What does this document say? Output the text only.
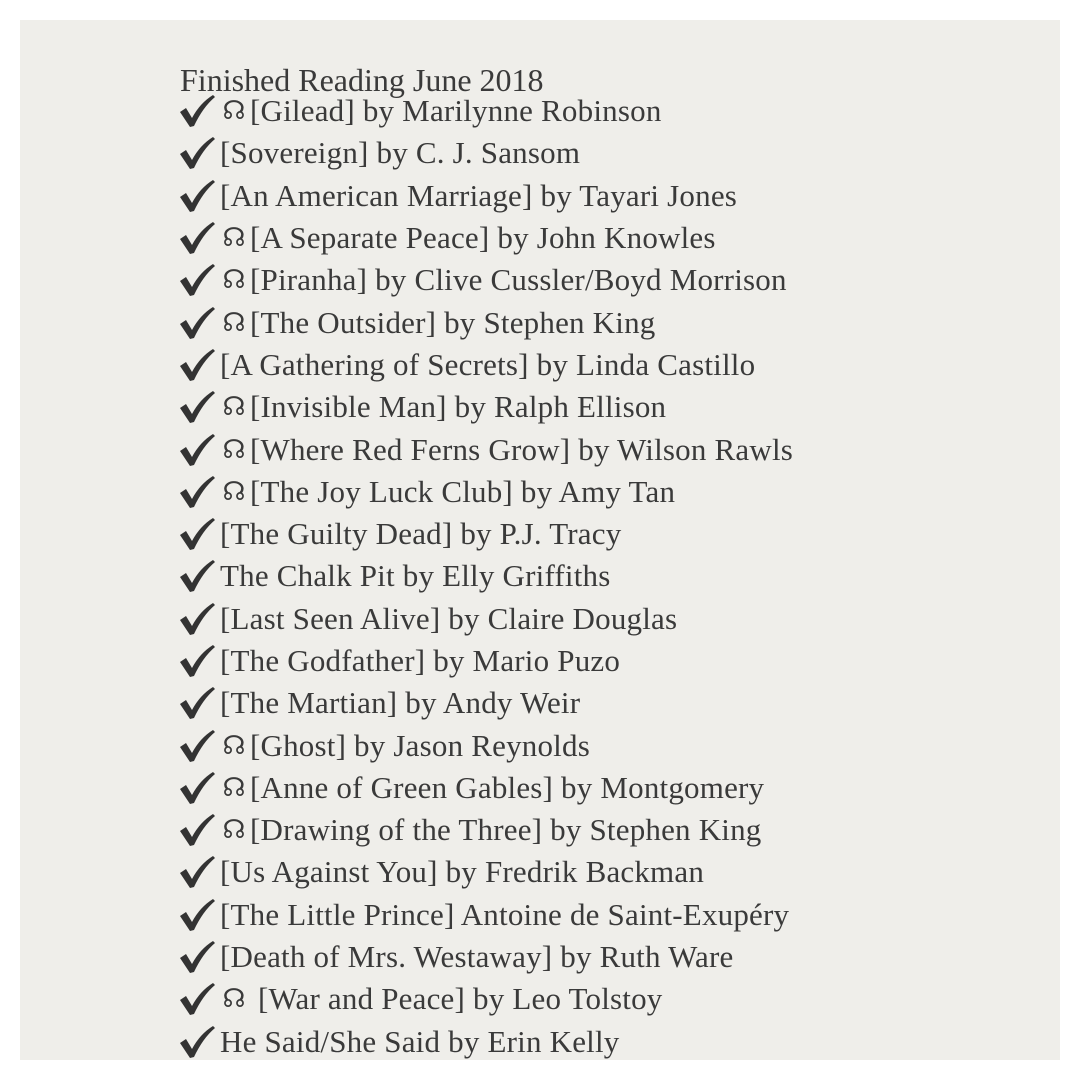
Finished Reading June 2018
☊ [Gilead] by Marilynne Robinson
[Sovereign] by C. J. Sansom
[An American Marriage] by Tayari Jones
☊ [A Separate Peace] by John Knowles
☊ [Piranha] by Clive Cussler/Boyd Morrison
☊ [The Outsider] by Stephen King
[A Gathering of Secrets] by Linda Castillo
☊ [Invisible Man] by Ralph Ellison
☊ [Where Red Ferns Grow] by Wilson Rawls
☊ [The Joy Luck Club] by Amy Tan
[The Guilty Dead] by P.J. Tracy
The Chalk Pit by Elly Griffiths
[Last Seen Alive] by Claire Douglas
[The Godfather] by Mario Puzo
[The Martian] by Andy Weir
☊ [Ghost] by Jason Reynolds
☊ [Anne of Green Gables] by Montgomery
☊ [Drawing of the Three] by Stephen King
[Us Against You] by Fredrik Backman
[The Little Prince] Antoine de Saint-Exupéry
[Death of Mrs. Westaway] by Ruth Ware
☊ [War and Peace] by Leo Tolstoy
He Said/She Said by Erin Kelly
